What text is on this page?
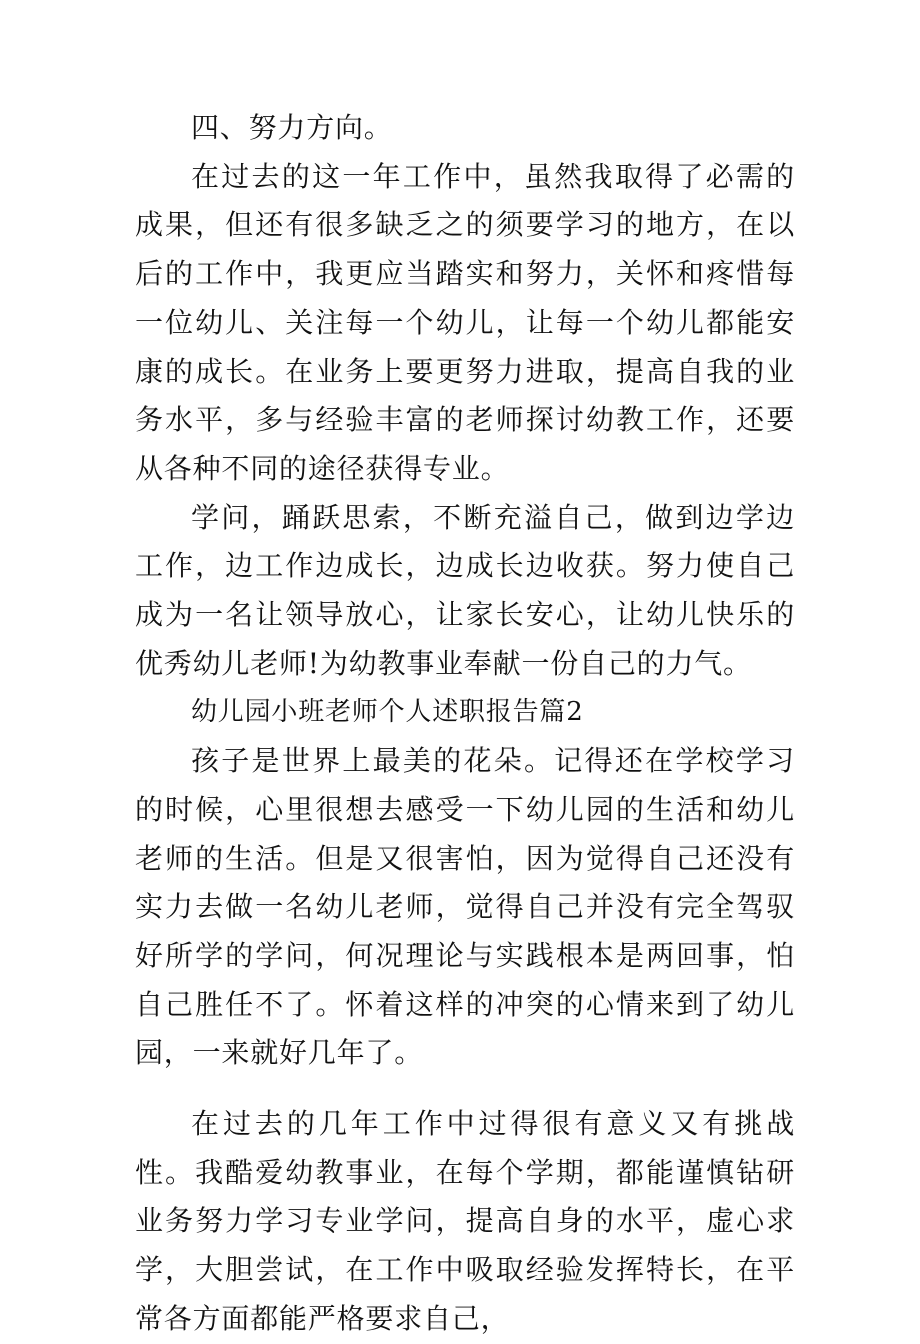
四、努力方向。

在过去的这一年工作中，虽然我取得了必需的成果，但还有很多缺乏之的须要学习的地方，在以后的工作中，我更应当踏实和努力，关怀和疼惜每一位幼儿、关注每一个幼儿，让每一个幼儿都能安康的成长。在业务上要更努力进取，提高自我的业务水平，多与经验丰富的老师探讨幼教工作，还要从各种不同的途径获得专业。

学问，踊跃思索，不断充溢自己，做到边学边工作，边工作边成长，边成长边收获。努力使自己成为一名让领导放心，让家长安心，让幼儿快乐的优秀幼儿老师!为幼教事业奉献一份自己的力气。

幼儿园小班老师个人述职报告篇2

孩子是世界上最美的花朵。记得还在学校学习的时候，心里很想去感受一下幼儿园的生活和幼儿老师的生活。但是又很害怕，因为觉得自己还没有实力去做一名幼儿老师，觉得自己并没有完全驾驭好所学的学问，何况理论与实践根本是两回事，怕自己胜任不了。怀着这样的冲突的心情来到了幼儿园，一来就好几年了。

在过去的几年工作中过得很有意义又有挑战性。我酷爱幼教事业，在每个学期，都能谨慎钻研业务努力学习专业学问，提高自身的水平，虚心求学，大胆尝试，在工作中吸取经验发挥特长，在平常各方面都能严格要求自己，
